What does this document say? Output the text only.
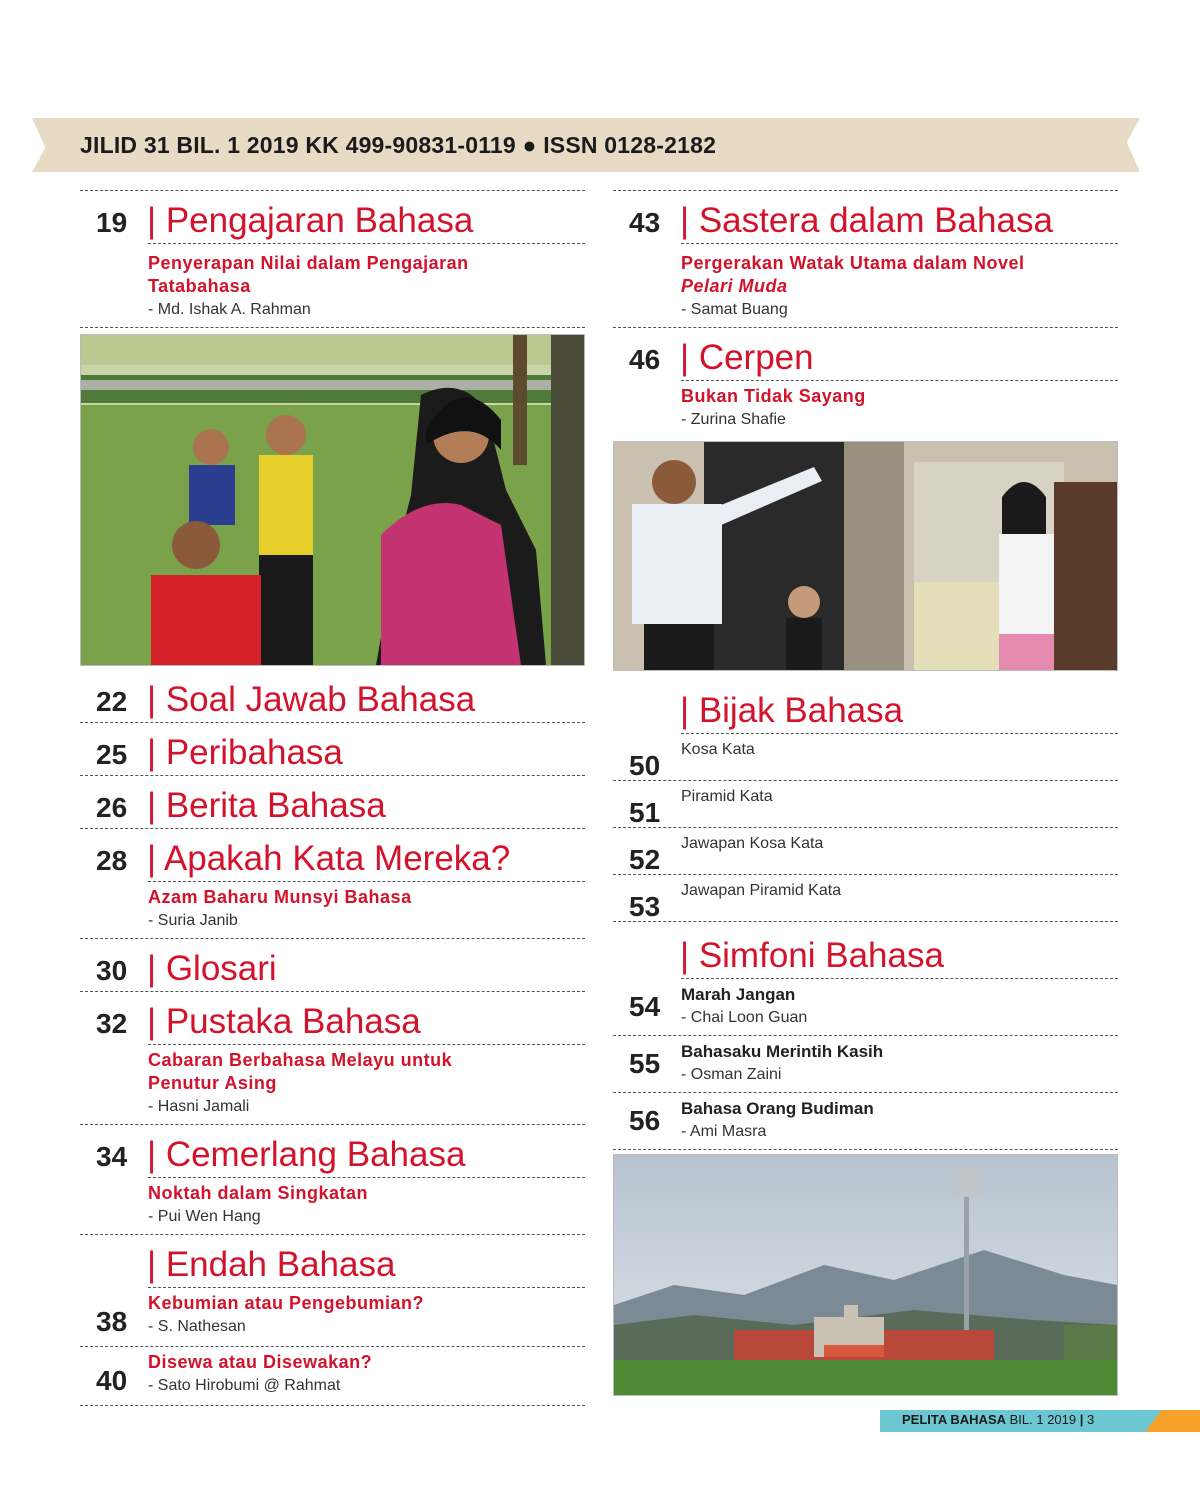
JILID 31 BIL. 1 2019 KK 499-90831-0119 ● ISSN 0128-2182
19 | Pengajaran Bahasa
Penyerapan Nilai dalam Pengajaran
Tatabahasa
- Md. Ishak A. Rahman
22 | Soal Jawab Bahasa
25 | Peribahasa
26 | Berita Bahasa
28 | Apakah Kata Mereka?
Azam Baharu Munsyi Bahasa
- Suria Janib
30 | Glosari
32 | Pustaka Bahasa
Cabaran Berbahasa Melayu untuk
Penutur Asing
- Hasni Jamali
34 | Cemerlang Bahasa
Noktah dalam Singkatan
- Pui Wen Hang
| Endah Bahasa
38
Kebumian atau Pengebumian?
- S. Nathesan
40
Disewa atau Disewakan?
- Sato Hirobumi @ Rahmat
43 | Sastera dalam Bahasa
Pergerakan Watak Utama dalam Novel
Pelari Muda
- Samat Buang
46 | Cerpen
Bukan Tidak Sayang
- Zurina Shafie
| Bijak Bahasa
50
Kosa Kata
51
Piramid Kata
52
Jawapan Kosa Kata
53
Jawapan Piramid Kata
| Simfoni Bahasa
54 Marah Jangan
- Chai Loon Guan
55 Bahasaku Merintih Kasih
- Osman Zaini
56 Bahasa Orang Budiman
- Ami Masra
PELITA BAHASA BIL. 1 2019 | 3
